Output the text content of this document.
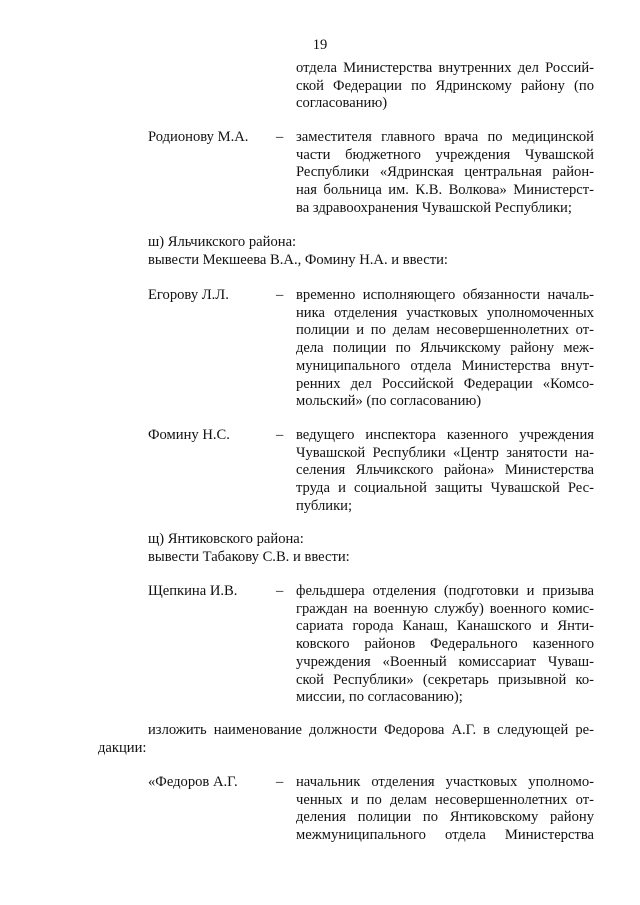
19
отдела Министерства внутренних дел Россий-
ской Федерации по Ядринскому району (по
согласованию)
Родионову М.А. – заместителя главного врача по медицинской
части бюджетного учреждения Чувашской
Республики «Ядринская центральная район-
ная больница им. К.В. Волкова» Министерст-
ва здравоохранения Чувашской Республики;
ш) Яльчикского района:
вывести Мекшеева В.А., Фомину Н.А. и ввести:
Егорову Л.Л.	– временно исполняющего обязанности началь-
ника отделения участковых уполномоченных
полиции и по делам несовершеннолетних от-
дела полиции по Яльчикскому району меж-
муниципального отдела Министерства внут-
ренних дел Российской Федерации «Комсо-
мольский» (по согласованию)
Фомину Н.С.	– ведущего инспектора казенного учреждения
Чувашской Республики «Центр занятости на-
селения Яльчикского района» Министерства
труда и социальной защиты Чувашской Рес-
публики;
щ) Янтиковского района:
вывести Табакову С.В. и ввести:
Щепкина И.В.	– фельдшера отделения (подготовки и призыва
граждан на военную службу) военного комис-
сариата города Канаш, Канашского и Янти-
ковского районов Федерального казенного
учреждения «Военный комиссариат Чуваш-
ской Республики» (секретарь призывной ко-
миссии, по согласованию);
изложить наименование должности Федорова А.Г. в следующей ре-
дакции:
«Федоров А.Г.	– начальник отделения участковых уполномо-
ченных и по делам несовершеннолетних от-
деления полиции по Янтиковскому району
межмуниципального отдела Министерства
